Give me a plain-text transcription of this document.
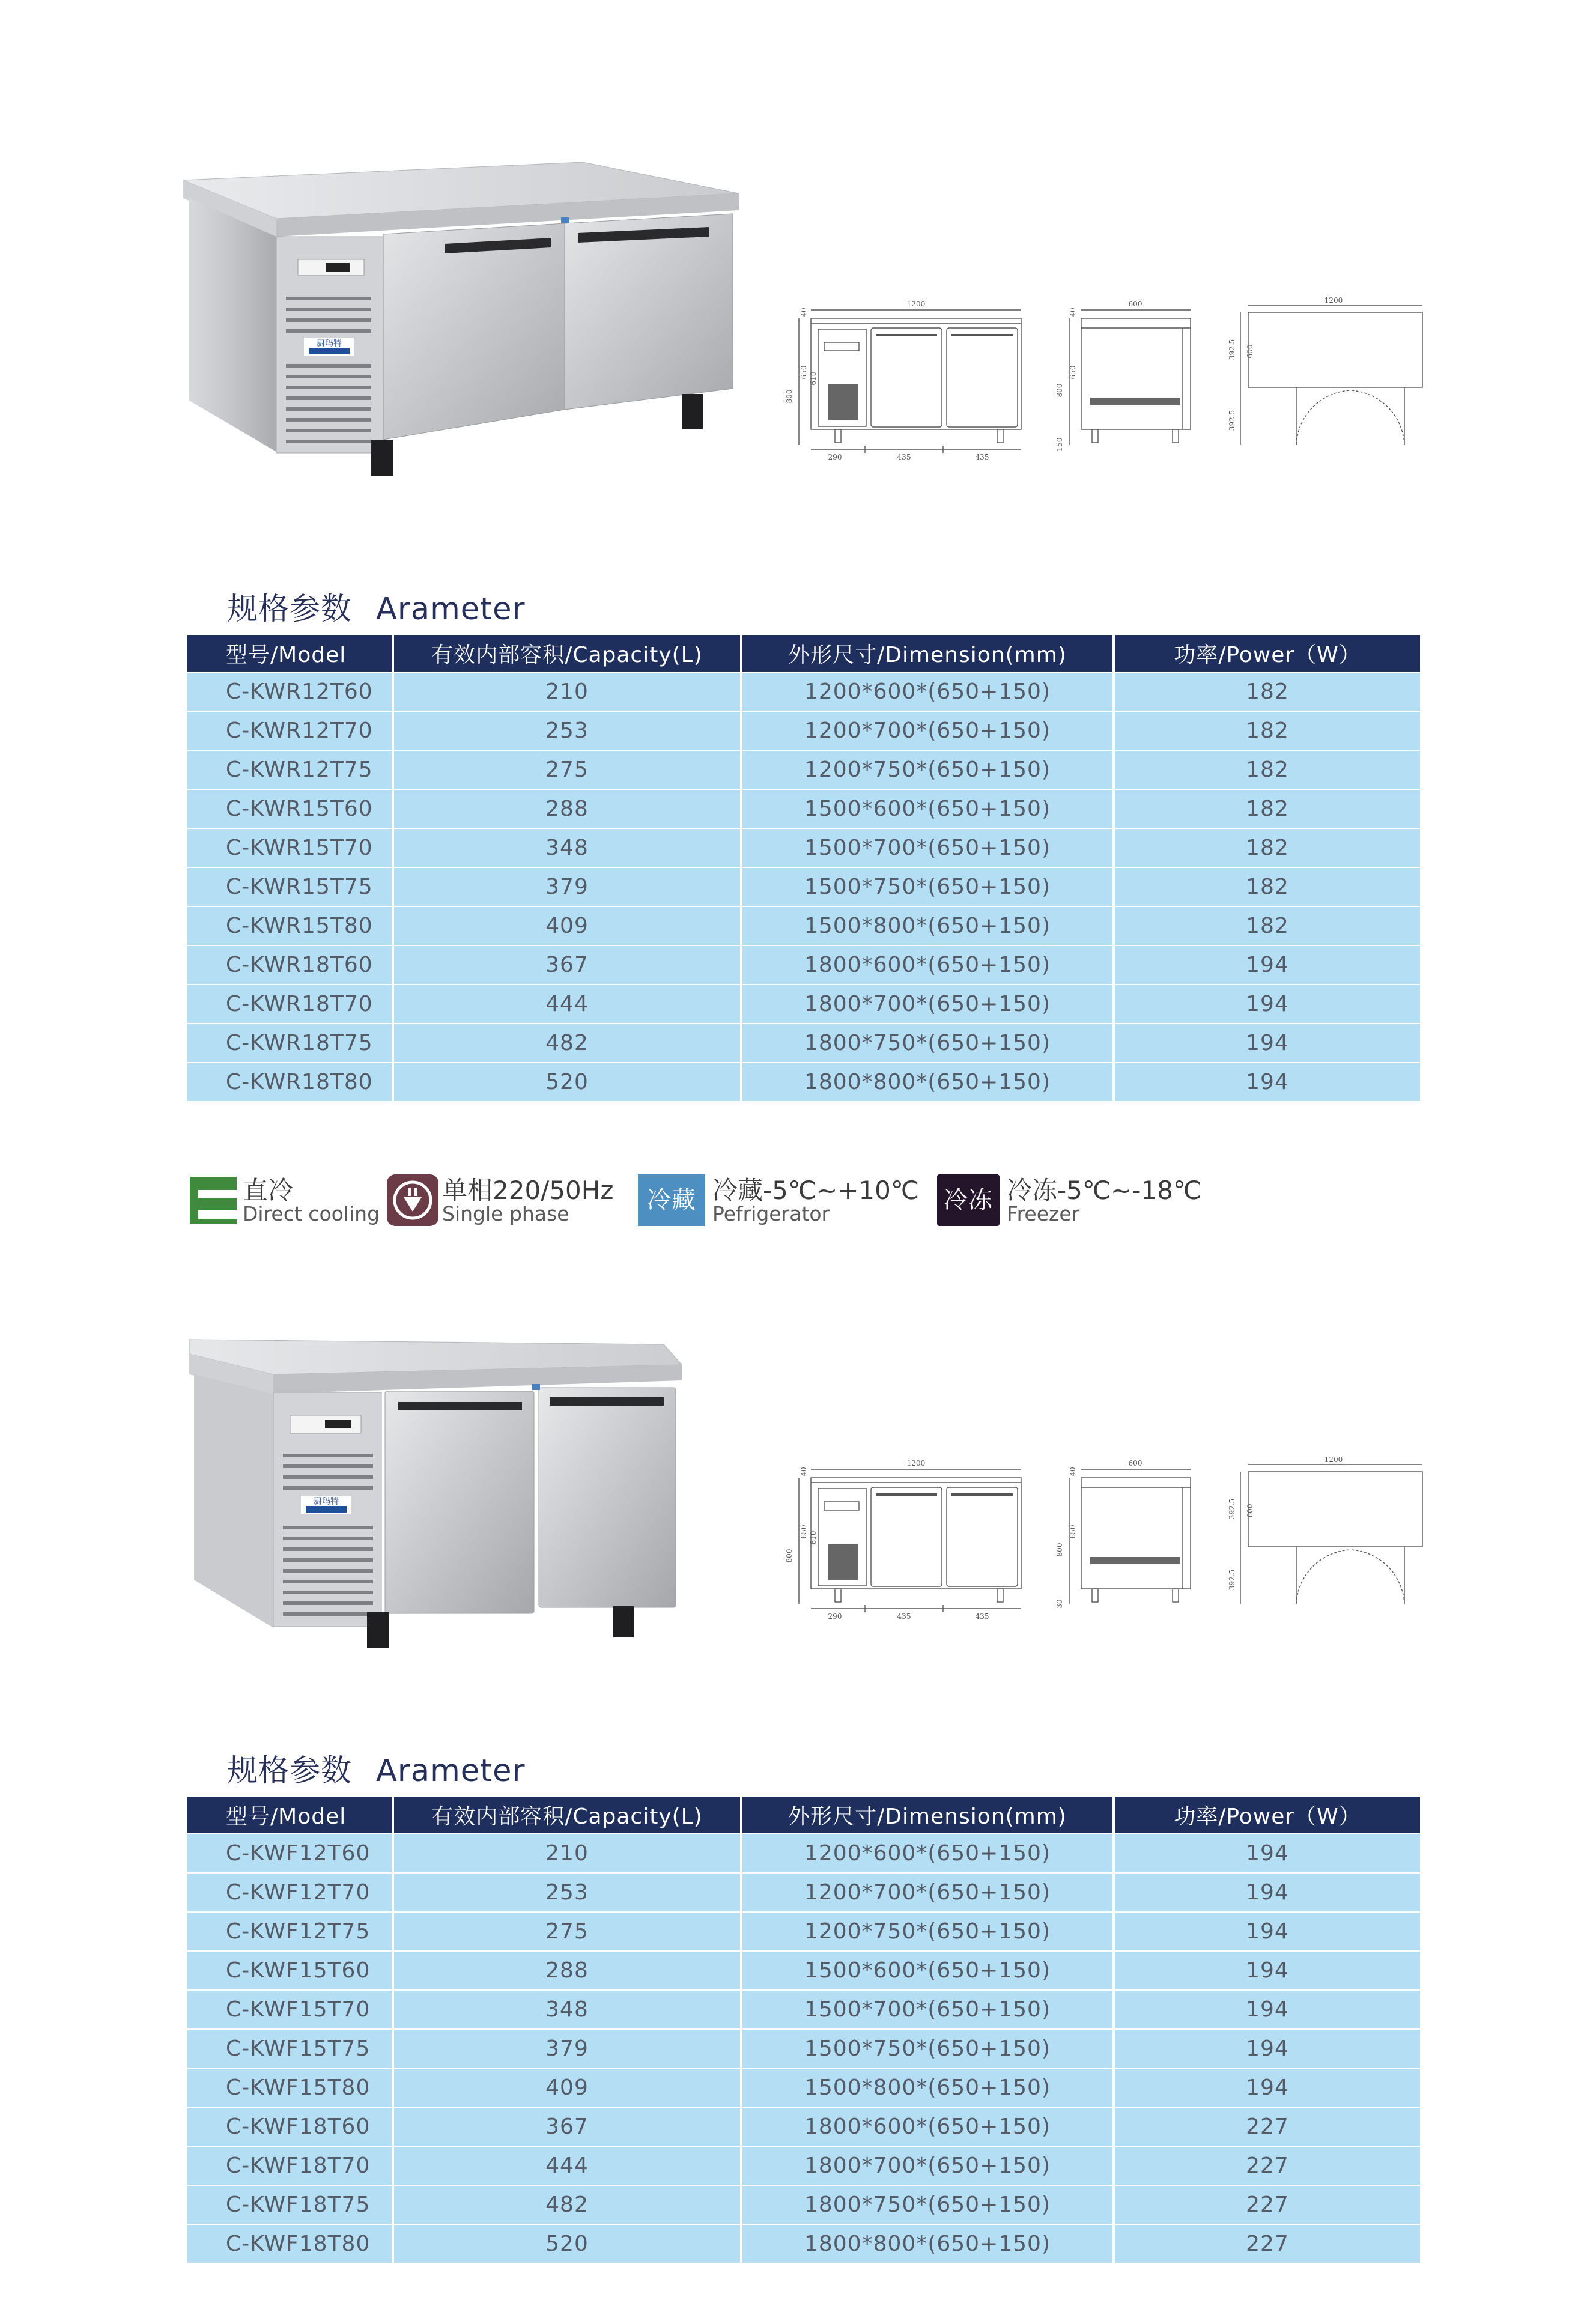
厨玛特
1200
800
650
40
610
290	435	435
600
800
650
40
150
1200
600
392.5
392.5
规格参数 Arameter
型号/Model	有效内部容积/Capacity(L)	外形尺寸/Dimension(mm)	功率/Power（W）
C-KWR12T60	210	1200*600*(650+150)	182
C-KWR12T70	253	1200*700*(650+150)	182
C-KWR12T75	275	1200*750*(650+150)	182
C-KWR15T60	288	1500*600*(650+150)	182
C-KWR15T70	348	1500*700*(650+150)	182
C-KWR15T75	379	1500*750*(650+150)	182
C-KWR15T80	409	1500*800*(650+150)	182
C-KWR18T60	367	1800*600*(650+150)	194
C-KWR18T70	444	1800*700*(650+150)	194
C-KWR18T75	482	1800*750*(650+150)	194
C-KWR18T80	520	1800*800*(650+150)	194
直冷
Direct cooling
单相220/50Hz
Single phase	冷藏 冷藏-5℃~+10℃
Pefrigerator	冷冻 冷冻-5℃~-18℃
Freezer
厨玛特
1200
800
650
40
610
290	435	435
600
800
650
40
30
1200
600
392.5
392.5
规格参数 Arameter
型号/Model	有效内部容积/Capacity(L)	外形尺寸/Dimension(mm)	功率/Power（W）
C-KWF12T60	210	1200*600*(650+150)	194
C-KWF12T70	253	1200*700*(650+150)	194
C-KWF12T75	275	1200*750*(650+150)	194
C-KWF15T60	288	1500*600*(650+150)	194
C-KWF15T70	348	1500*700*(650+150)	194
C-KWF15T75	379	1500*750*(650+150)	194
C-KWF15T80	409	1500*800*(650+150)	194
C-KWF18T60	367	1800*600*(650+150)	227
C-KWF18T70	444	1800*700*(650+150)	227
C-KWF18T75	482	1800*750*(650+150)	227
C-KWF18T80	520	1800*800*(650+150)	227
